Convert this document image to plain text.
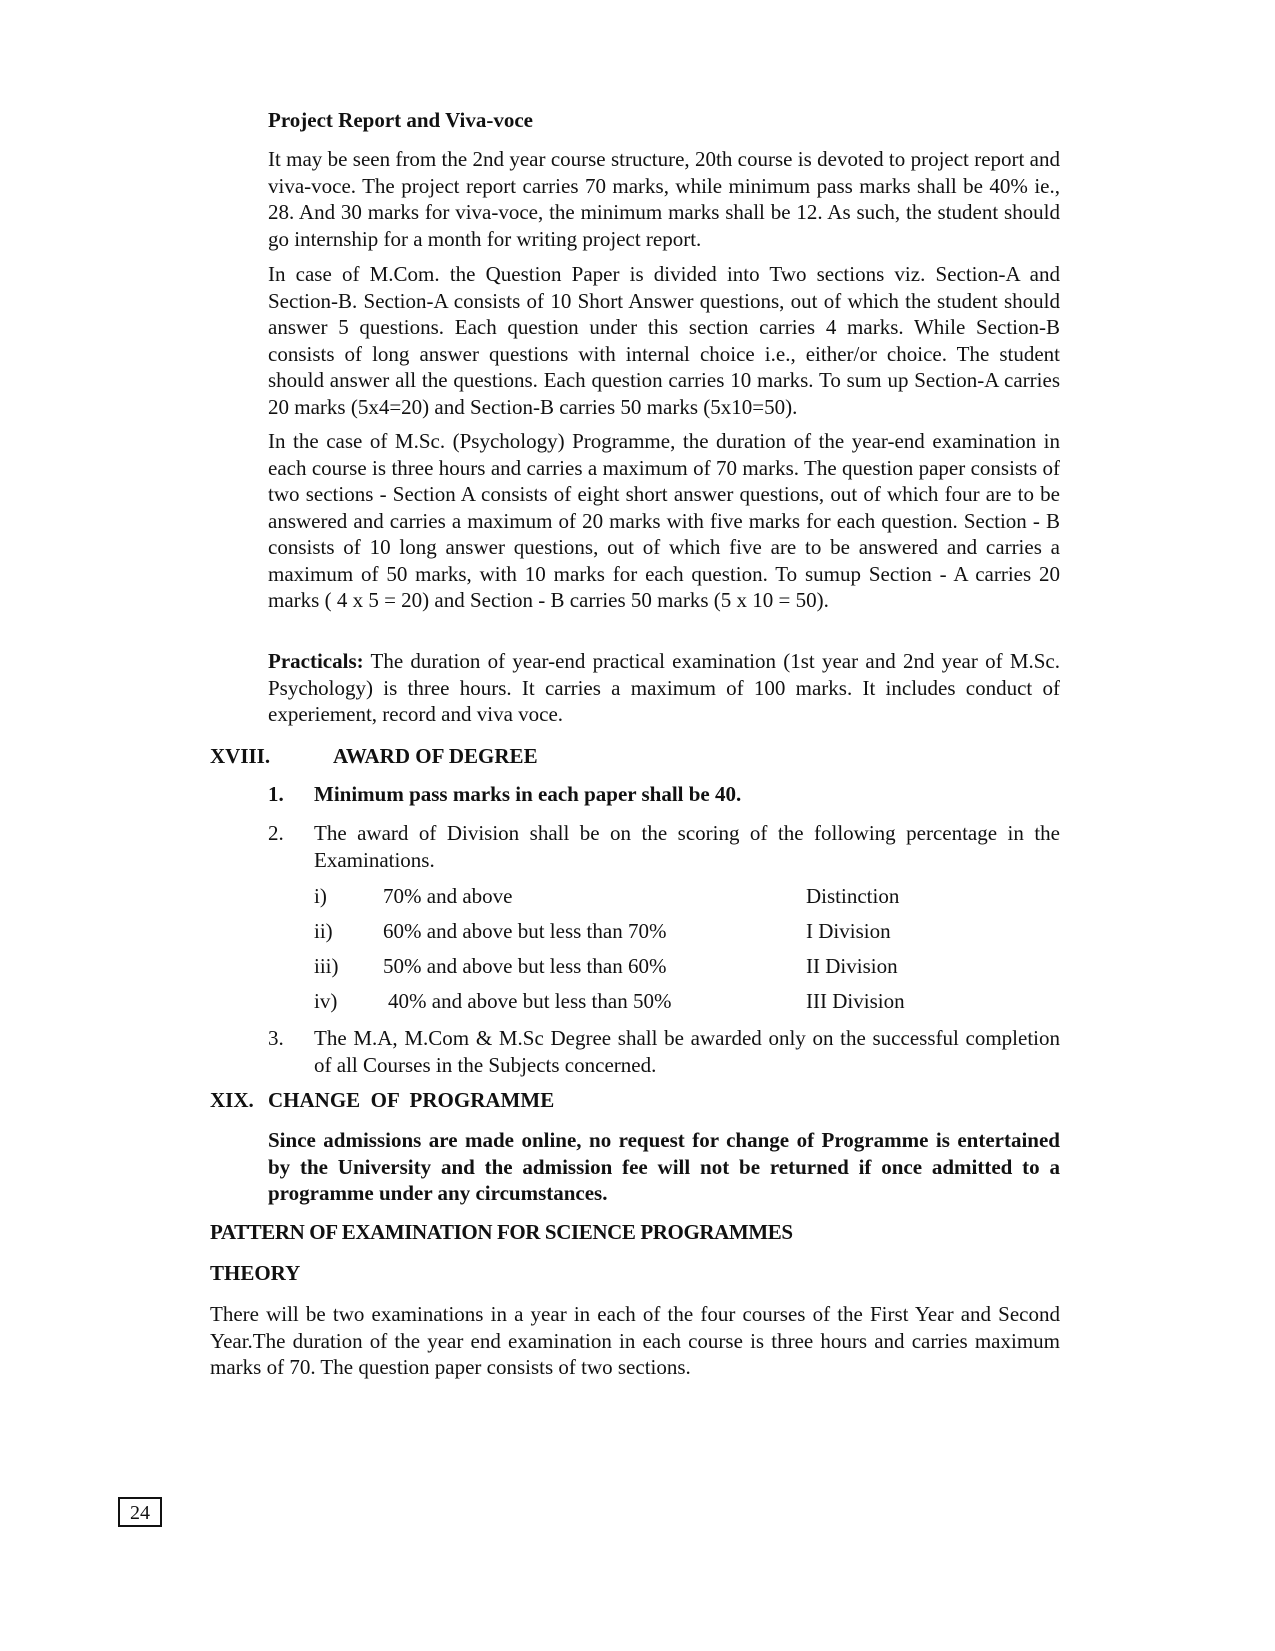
Project Report and Viva-voce

It may be seen from the 2nd year course structure, 20th course is devoted to project report and viva-voce. The project report carries 70 marks, while minimum pass marks shall be 40% ie., 28. And 30 marks for viva-voce, the minimum marks shall be 12. As such, the student should go internship for a month for writing project report.

In case of M.Com. the Question Paper is divided into Two sections viz. Section-A and Section-B. Section-A consists of 10 Short Answer questions, out of which the student should answer 5 questions. Each question under this section carries 4 marks. While Section-B consists of long answer questions with internal choice i.e., either/or choice. The student should answer all the questions. Each question carries 10 marks. To sum up Section-A carries 20 marks (5x4=20) and Section-B carries 50 marks (5x10=50).

In the case of M.Sc. (Psychology) Programme, the duration of the year-end examination in each course is three hours and carries a maximum of 70 marks. The question paper consists of two sections - Section A consists of eight short answer questions, out of which four are to be answered and carries a maximum of 20 marks with five marks for each question. Section - B consists of 10 long answer questions, out of which five are to be answered and carries a maximum of 50 marks, with 10 marks for each question. To sumup Section - A carries 20 marks ( 4 x 5 = 20) and Section - B carries 50 marks (5 x 10 = 50).

Practicals: The duration of year-end practical examination (1st year and 2nd year of M.Sc. Psychology) is three hours. It carries a maximum of 100 marks. It includes conduct of experiement, record and viva voce.

XVIII.	AWARD OF DEGREE
1. Minimum pass marks in each paper shall be 40.
2. The award of Division shall be on the scoring of the following percentage in the Examinations.
i)	70% and above	Distinction
ii) 60% and above but less than 70%	I Division
iii) 50% and above but less than 60%	II Division
iv) 40% and above but less than 50%	III Division
3. The M.A, M.Com & M.Sc Degree shall be awarded only on the successful completion of all Courses in the Subjects concerned.
XIX. CHANGE  OF  PROGRAMME

Since admissions are made online, no request for change of Programme is entertained by the University and the admission fee will not be returned if once admitted to a programme under any circumstances.

PATTERN OF EXAMINATION FOR SCIENCE PROGRAMMES
THEORY

There will be two examinations in a year in each of the four courses of the First Year and Second Year.The duration of the year end examination in each course is three hours and carries maximum marks of 70. The question paper consists of two sections.

24
